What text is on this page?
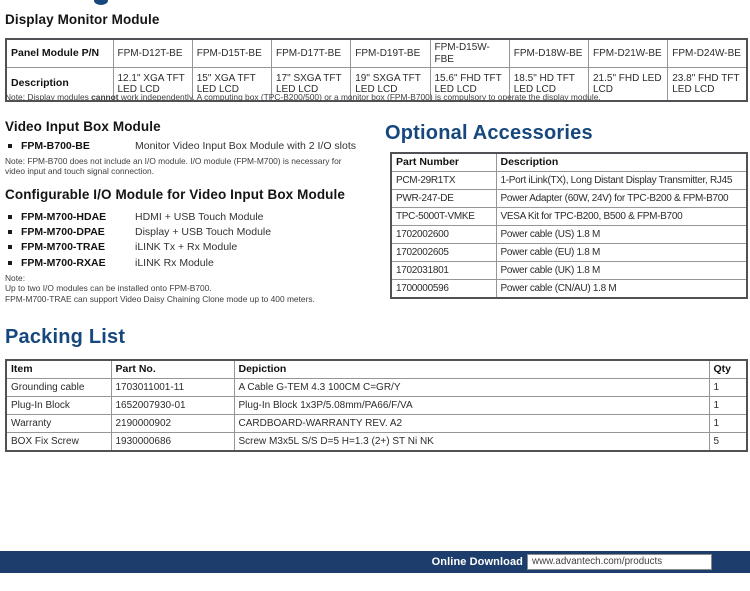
Display Monitor Module
Panel Module P/N	FPM-D12T-BE	FPM-D15T-BE	FPM-D17T-BE	FPM-D19T-BE	FPM-D15W-FBE	FPM-D18W-BE	FPM-D21W-BE	FPM-D24W-BE
Description	12.1" XGA TFT LED LCD	15" XGA TFT LED LCD	17" SXGA TFT LED LCD	19" SXGA TFT LED LCD	15.6" FHD TFT LED LCD	18.5" HD TFT LED LCD	21.5" FHD LED LCD	23.8" FHD TFT LED LCD
Note: Display modules cannot work independently. A computing box (TPC-B200/500) or a monitor box (FPM-B700) is compulsory to operate the display module.
Video Input Box Module
FPM-B700-BE	Monitor Video Input Box Module with 2 I/O slots
Note: FPM-B700 does not include an I/O module. I/O module (FPM-M700) is necessary for video input and touch signal connection.
Configurable I/O Module for Video Input Box Module
FPM-M700-HDAE	HDMI + USB Touch Module
FPM-M700-DPAE	Display + USB Touch Module
FPM-M700-TRAE	iLINK Tx + Rx Module
FPM-M700-RXAE	iLINK Rx Module
Note:
Up to two I/O modules can be installed onto FPM-B700.
FPM-M700-TRAE can support Video Daisy Chaining Clone mode up to 400 meters.
Optional Accessories
Part Number	Description
PCM-29R1TX	1-Port iLink(TX), Long Distant Display Transmitter, RJ45
PWR-247-DE	Power Adapter (60W, 24V) for TPC-B200 & FPM-B700
TPC-5000T-VMKE	VESA Kit for TPC-B200, B500 & FPM-B700
1702002600	Power cable (US) 1.8 M
1702002605	Power cable (EU) 1.8 M
1702031801	Power cable (UK) 1.8 M
1700000596	Power cable (CN/AU) 1.8 M
Packing List
Item	Part No.	Depiction	Qty
Grounding cable	1703011001-11	A Cable G-TEM 4.3 100CM C=GR/Y	1
Plug-In Block	1652007930-01	Plug-In Block 1x3P/5.08mm/PA66/F/VA	1
Warranty	2190000902	CARDBOARD-WARRANTY REV. A2	1
BOX Fix Screw	1930000686	Screw M3x5L S/S D=5 H=1.3 (2+) ST Ni NK	5
Online Download www.advantech.com/products
